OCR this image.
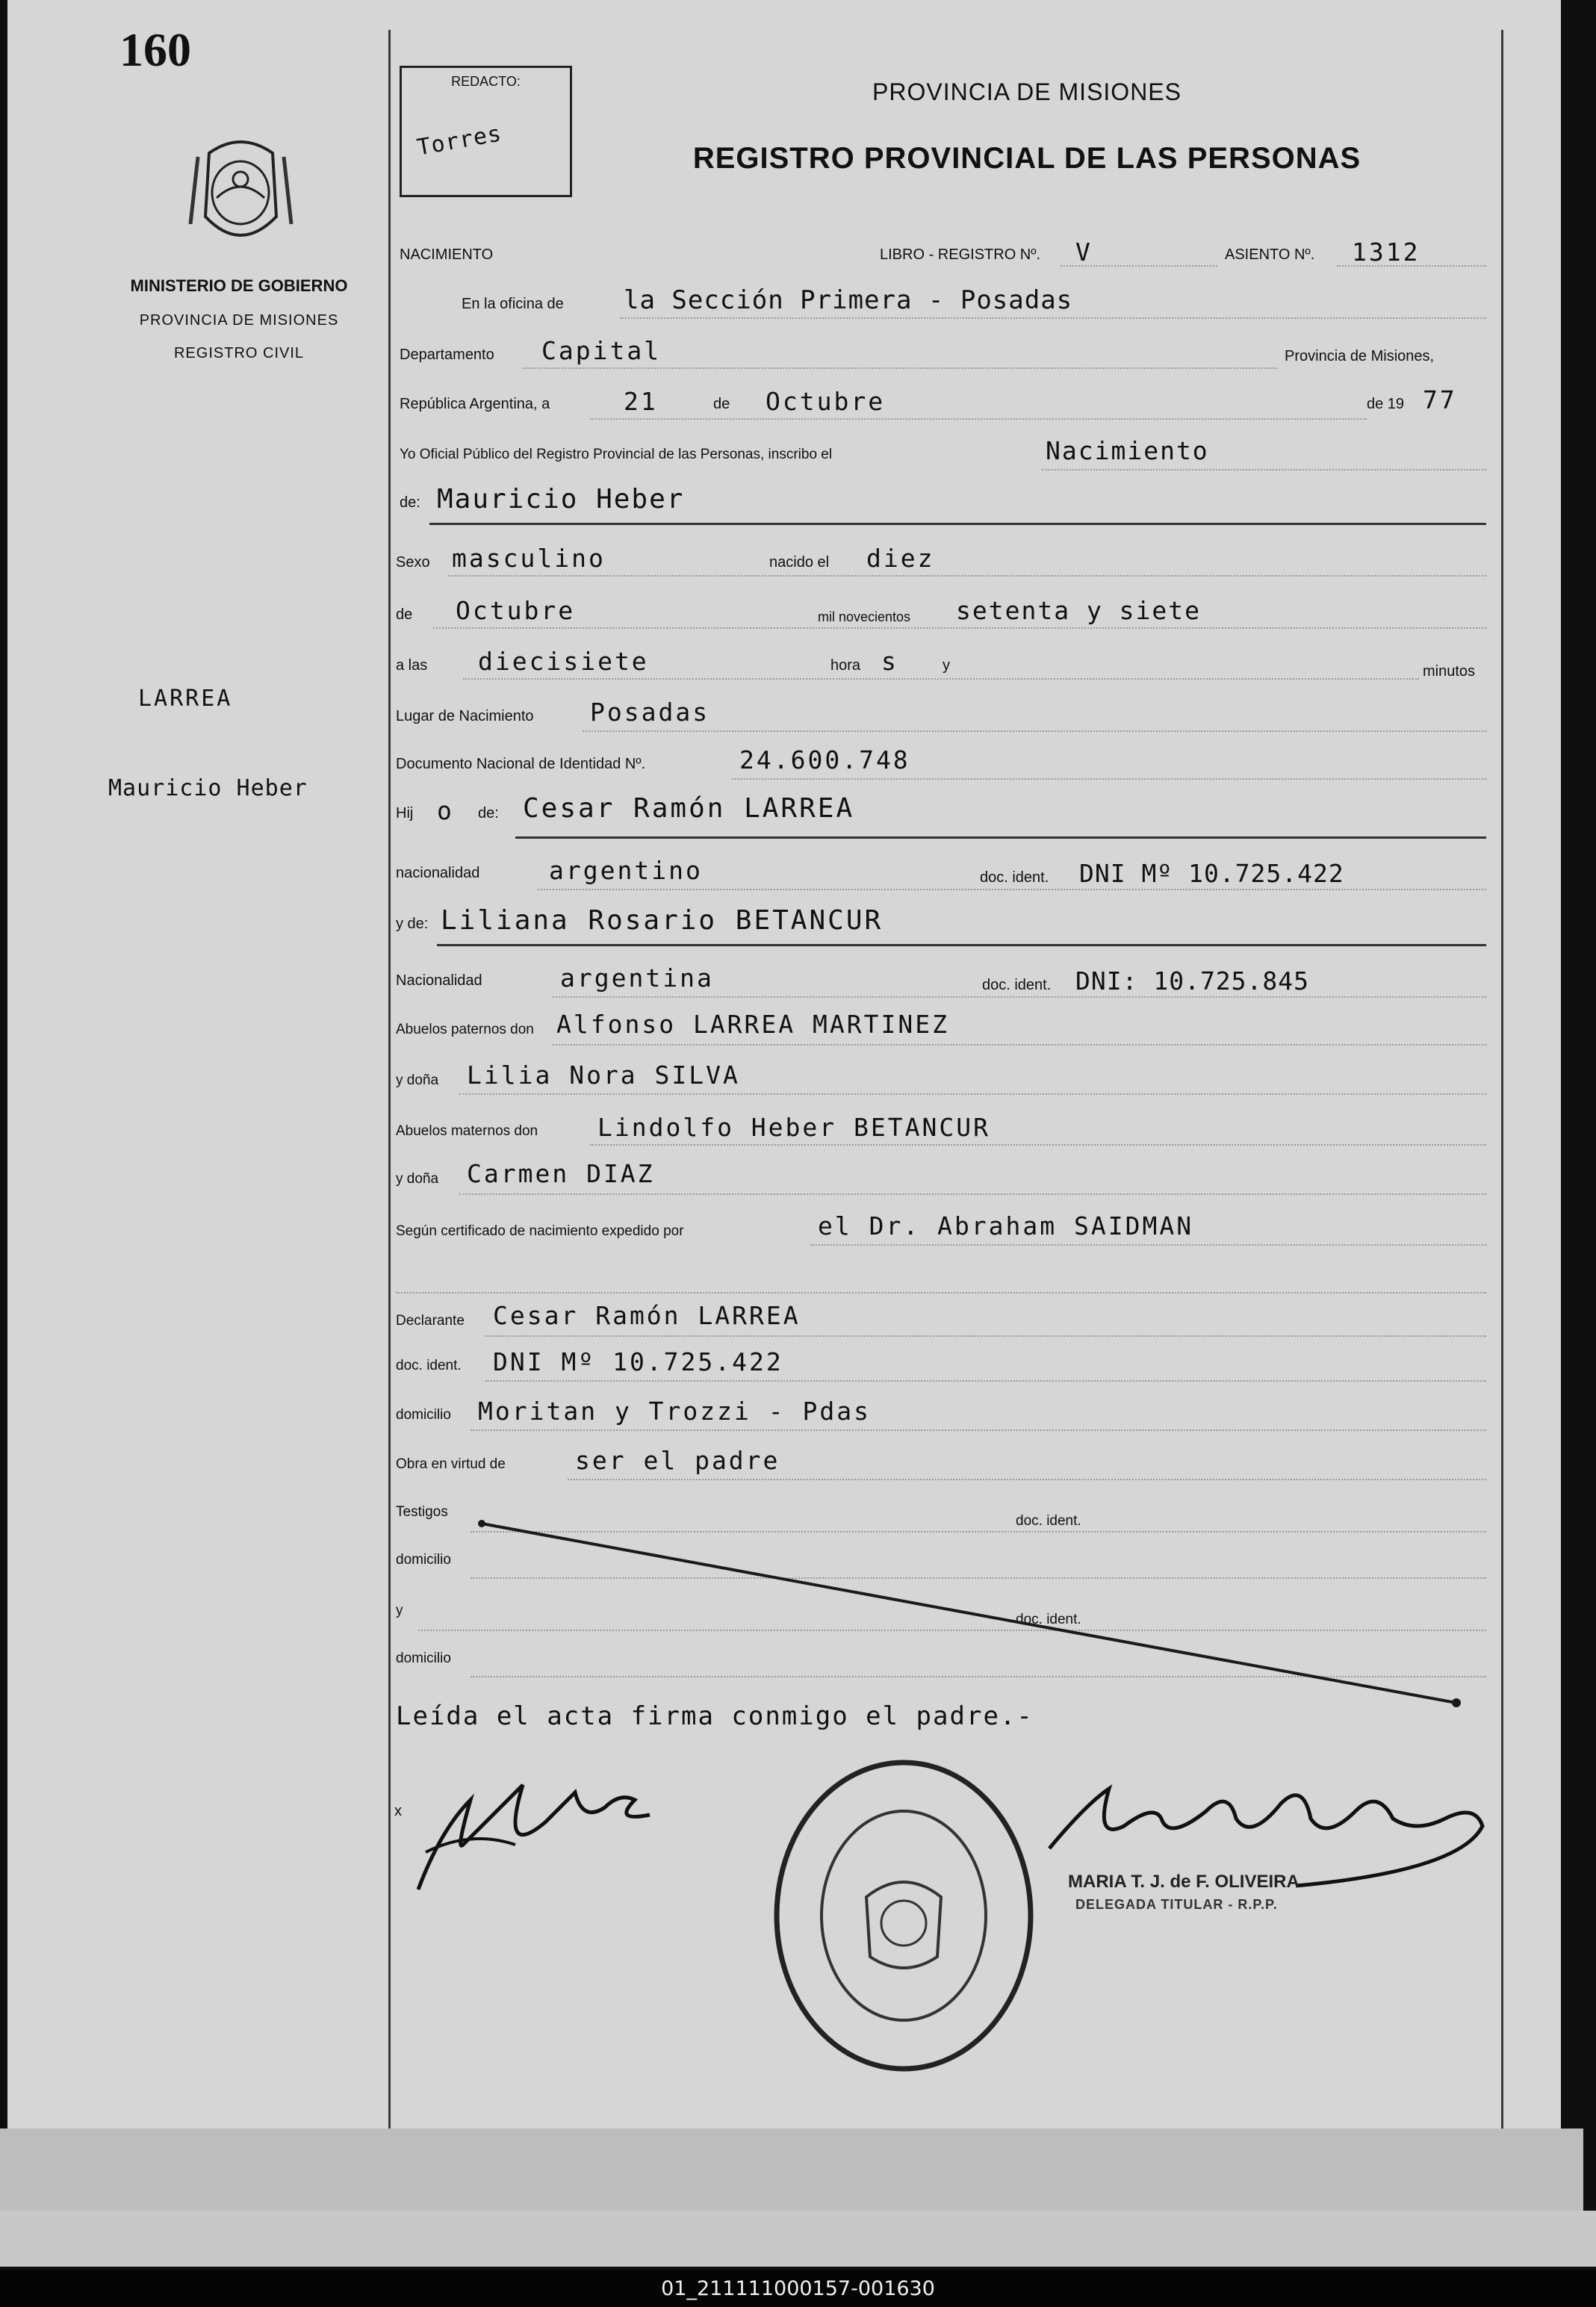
160
MINISTERIO DE GOBIERNO
PROVINCIA DE MISIONES
REGISTRO CIVIL
LARREA
Mauricio Heber
REDACTO:
Torres
PROVINCIA DE MISIONES
REGISTRO PROVINCIAL DE LAS PERSONAS
NACIMIENTO	LIBRO - REGISTRO Nº. V	ASIENTO Nº. 1312
En la oficina de la Sección Primera - Posadas
Departamento Capital	Provincia de Misiones,
República Argentina, a	21	de Octubre	de 19 77
Yo Oficial Público del Registro Provincial de las Personas, inscribo el	Nacimiento
de: Mauricio Heber
Sexo masculino	nacido el diez
de Octubre	mil novecientos setenta y siete
a las diecisiete	hora s	y	minutos
Lugar de Nacimiento Posadas
Documento Nacional de Identidad Nº.	24.600.748
Hij o de: Cesar Ramón LARREA
nacionalidad	argentino	doc. ident. DNI Mº 10.725.422
y de: Liliana Rosario BETANCUR
Nacionalidad	argentina	doc. ident. DNI: 10.725.845
Abuelos paternos don Alfonso LARREA MARTINEZ
y doña Lilia Nora SILVA
Abuelos maternos don Lindolfo Heber BETANCUR
y doña Carmen DIAZ
Según certificado de nacimiento expedido por	el Dr. Abraham SAIDMAN
Declarante Cesar Ramón LARREA
doc. ident. DNI Mº 10.725.422
domicilio Moritan y Trozzi - Pdas
Obra en virtud de	ser el padre
Testigos
doc. ident.
domicilio
y
doc. ident.
domicilio
Leída el acta firma conmigo el padre.-
x
MARIA T. J. de F. OLIVEIRA
DELEGADA TITULAR - R.P.P.
01_211111000157-001630
